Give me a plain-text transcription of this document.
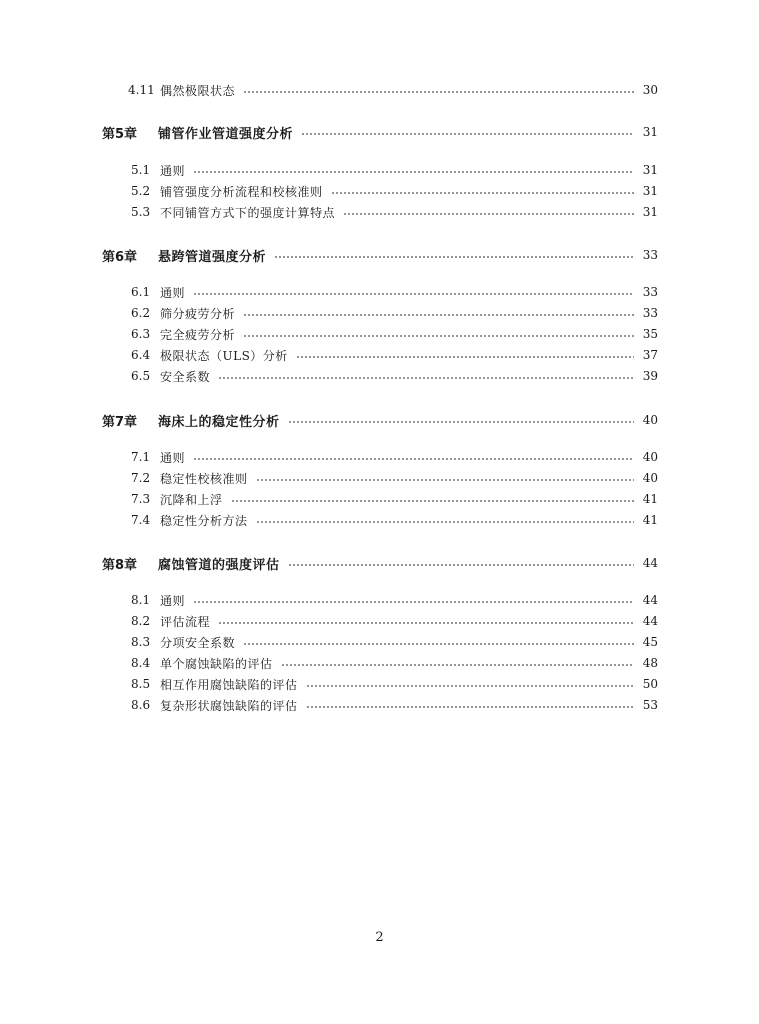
4.11 偶然极限状态	30
第5章 铺管作业管道强度分析	31
5.1 通则	31
5.2 铺管强度分析流程和校核准则	31
5.3 不同铺管方式下的强度计算特点	31
第6章 悬跨管道强度分析	33
6.1 通则	33
6.2 筛分疲劳分析	33
6.3 完全疲劳分析	35
6.4 极限状态（ULS）分析	37
6.5 安全系数	39
第7章 海床上的稳定性分析	40
7.1 通则	40
7.2 稳定性校核准则	40
7.3 沉降和上浮	41
7.4 稳定性分析方法	41
第8章 腐蚀管道的强度评估	44
8.1 通则	44
8.2 评估流程	44
8.3 分项安全系数	45
8.4 单个腐蚀缺陷的评估	48
8.5 相互作用腐蚀缺陷的评估	50
8.6 复杂形状腐蚀缺陷的评估	53
2
